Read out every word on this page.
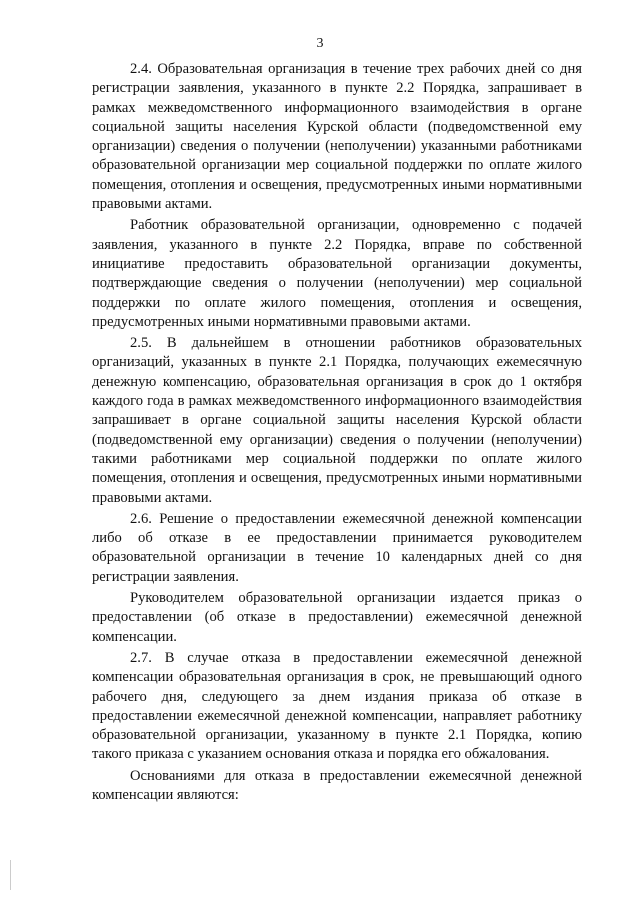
3

2.4. Образовательная организация в течение трех рабочих дней со дня регистрации заявления, указанного в пункте 2.2 Порядка, запрашивает в рамках межведомственного информационного взаимодействия в органе социальной защиты населения Курской области (подведомственной ему организации) сведения о получении (неполучении) указанными работниками образовательной организации мер социальной поддержки по оплате жилого помещения, отопления и освещения, предусмотренных иными нормативными правовыми актами.

Работник образовательной организации, одновременно с подачей заявления, указанного в пункте 2.2 Порядка, вправе по собственной инициативе предоставить образовательной организации документы, подтверждающие сведения о получении (неполучении) мер социальной поддержки по оплате жилого помещения, отопления и освещения, предусмотренных иными нормативными правовыми актами.

2.5. В дальнейшем в отношении работников образовательных организаций, указанных в пункте 2.1 Порядка, получающих ежемесячную денежную компенсацию, образовательная организация в срок до 1 октября каждого года в рамках межведомственного информационного взаимодействия запрашивает в органе социальной защиты населения Курской области (подведомственной ему организации) сведения о получении (неполучении) такими работниками мер социальной поддержки по оплате жилого помещения, отопления и освещения, предусмотренных иными нормативными правовыми актами.

2.6. Решение о предоставлении ежемесячной денежной компенсации либо об отказе в ее предоставлении принимается руководителем образовательной организации в течение 10 календарных дней со дня регистрации заявления.

Руководителем образовательной организации издается приказ о предоставлении (об отказе в предоставлении) ежемесячной денежной компенсации.

2.7. В случае отказа в предоставлении ежемесячной денежной компенсации образовательная организация в срок, не превышающий одного рабочего дня, следующего за днем издания приказа об отказе в предоставлении ежемесячной денежной компенсации, направляет работнику образовательной организации, указанному в пункте 2.1 Порядка, копию такого приказа с указанием основания отказа и порядка его обжалования.

Основаниями для отказа в предоставлении ежемесячной денежной компенсации являются:
